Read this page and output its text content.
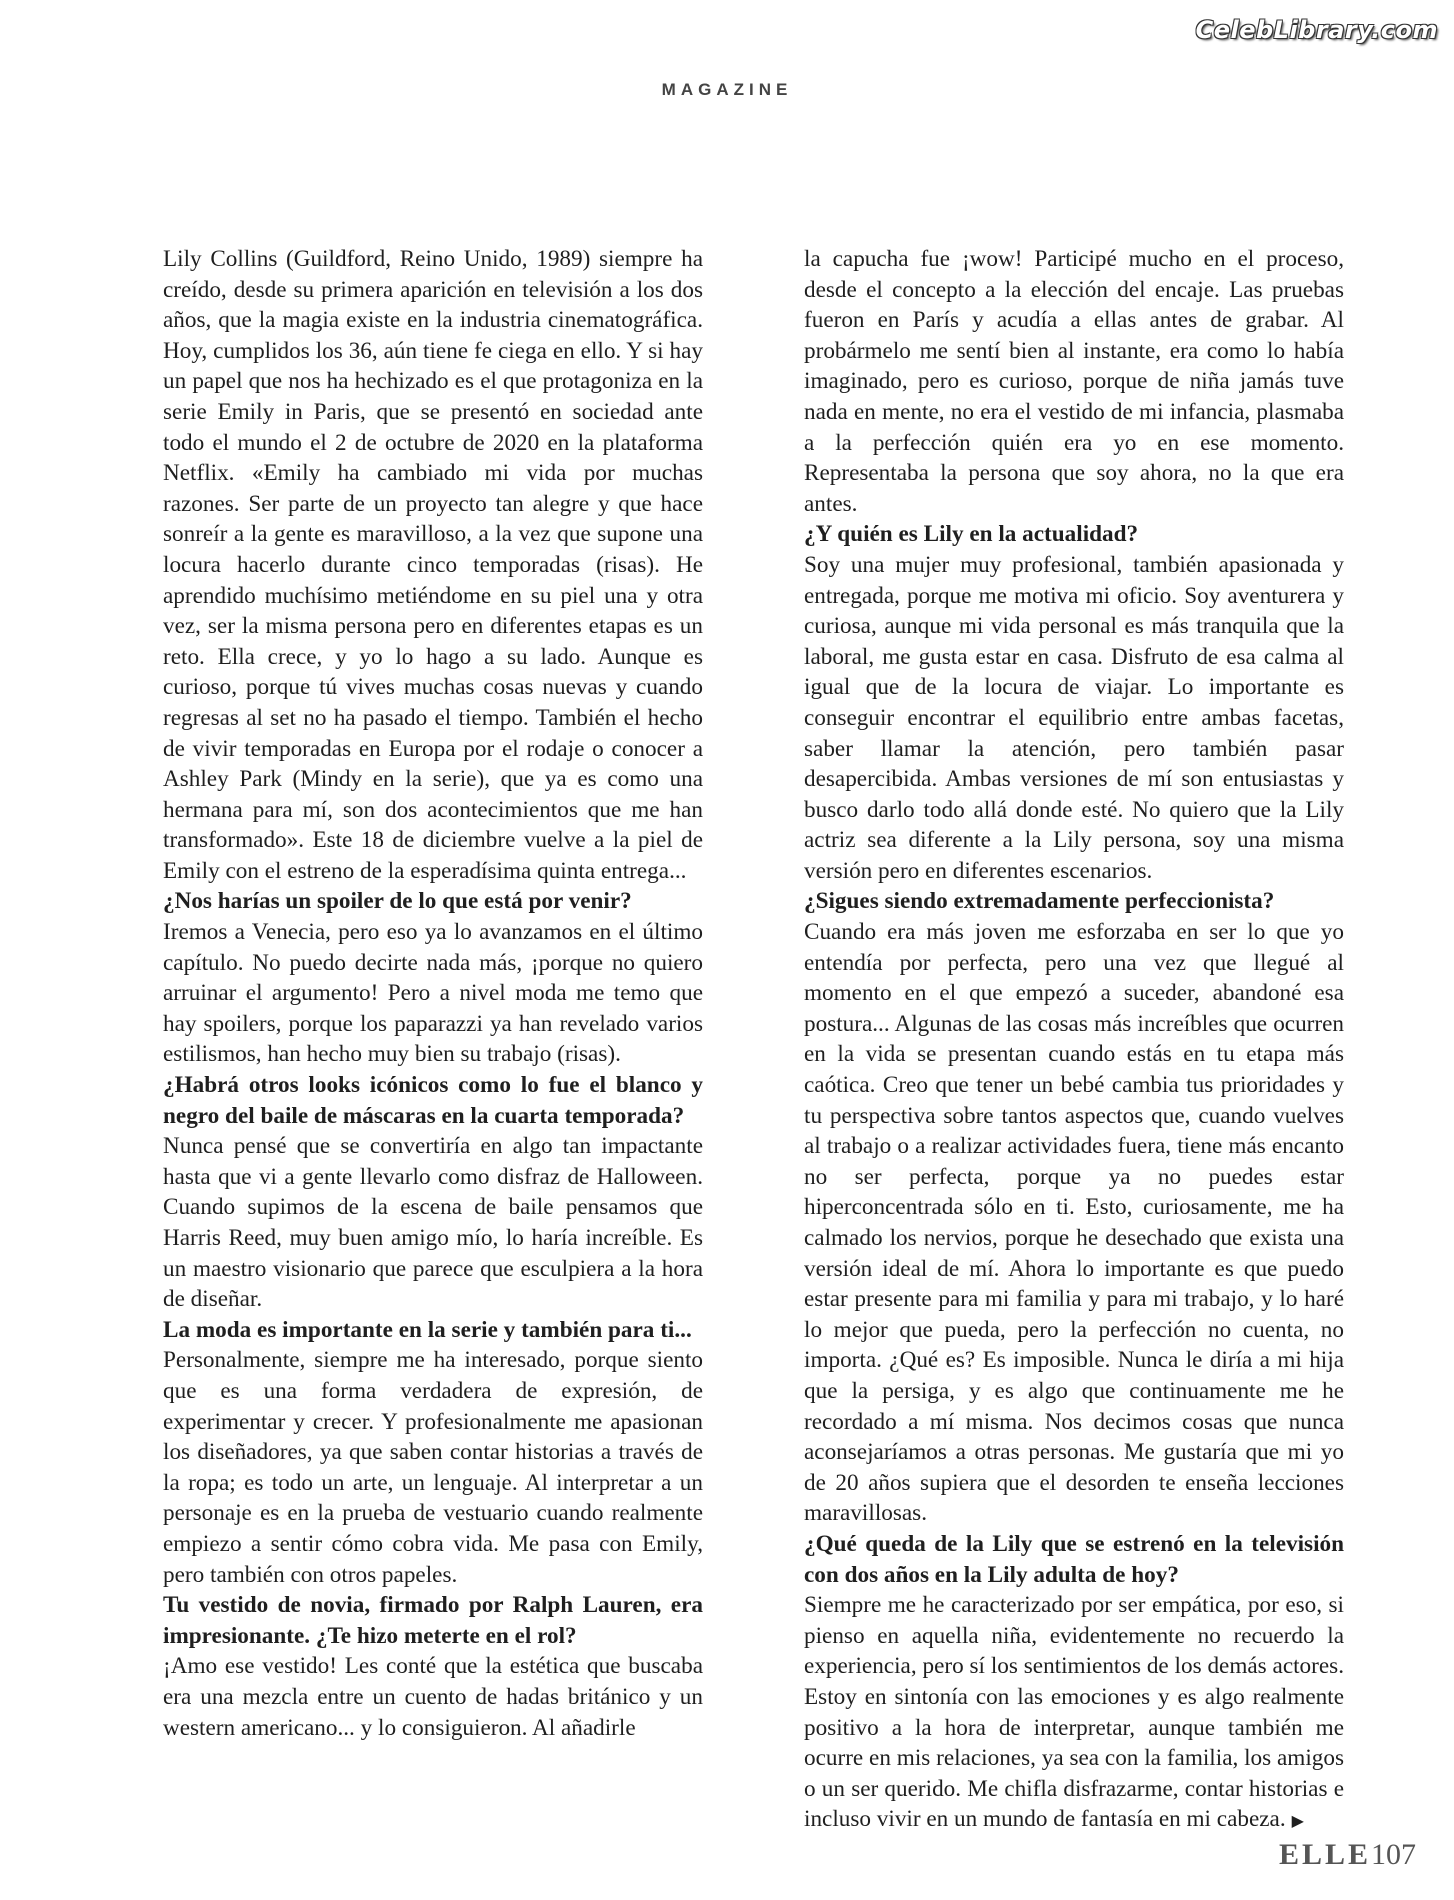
CelebLibrary.com
MAGAZINE

Lily Collins (Guildford, Reino Unido, 1989) siempre ha creído, desde su primera aparición en televisión a los dos años, que la magia existe en la industria cinematográfica. Hoy, cumplidos los 36, aún tiene fe ciega en ello. Y si hay un papel que nos ha hechizado es el que protagoniza en la serie Emily in Paris, que se presentó en sociedad ante todo el mundo el 2 de octubre de 2020 en la plataforma Netflix. «Emily ha cambiado mi vida por muchas razones. Ser parte de un proyecto tan alegre y que hace sonreír a la gente es maravilloso, a la vez que supone una locura hacerlo durante cinco temporadas (risas). He aprendido muchísimo metiéndome en su piel una y otra vez, ser la misma persona pero en diferentes etapas es un reto. Ella crece, y yo lo hago a su lado. Aunque es curioso, porque tú vives muchas cosas nuevas y cuando regresas al set no ha pasado el tiempo. También el hecho de vivir temporadas en Europa por el rodaje o conocer a Ashley Park (Mindy en la serie), que ya es como una hermana para mí, son dos acontecimientos que me han transformado». Este 18 de diciembre vuelve a la piel de Emily con el estreno de la esperadísima quinta entrega...

¿Nos harías un spoiler de lo que está por venir?

Iremos a Venecia, pero eso ya lo avanzamos en el último capítulo. No puedo decirte nada más, ¡porque no quiero arruinar el argumento! Pero a nivel moda me temo que hay spoilers, porque los paparazzi ya han revelado varios estilismos, han hecho muy bien su trabajo (risas).

¿Habrá otros looks icónicos como lo fue el blanco y negro del baile de máscaras en la cuarta temporada?

Nunca pensé que se convertiría en algo tan impactante hasta que vi a gente llevarlo como disfraz de Halloween. Cuando supimos de la escena de baile pensamos que Harris Reed, muy buen amigo mío, lo haría increíble. Es un maestro visionario que parece que esculpiera a la hora de diseñar.

La moda es importante en la serie y también para ti...

Personalmente, siempre me ha interesado, porque siento que es una forma verdadera de expresión, de experimentar y crecer. Y profesionalmente me apasionan los diseñadores, ya que saben contar historias a través de la ropa; es todo un arte, un lenguaje. Al interpretar a un personaje es en la prueba de vestuario cuando realmente empiezo a sentir cómo cobra vida. Me pasa con Emily, pero también con otros papeles.

Tu vestido de novia, firmado por Ralph Lauren, era impresionante. ¿Te hizo meterte en el rol?

¡Amo ese vestido! Les conté que la estética que buscaba era una mezcla entre un cuento de hadas británico y un western americano... y lo consiguieron. Al añadirle

la capucha fue ¡wow! Participé mucho en el proceso, desde el concepto a la elección del encaje. Las pruebas fueron en París y acudía a ellas antes de grabar. Al probármelo me sentí bien al instante, era como lo había imaginado, pero es curioso, porque de niña jamás tuve nada en mente, no era el vestido de mi infancia, plasmaba a la perfección quién era yo en ese momento. Representaba la persona que soy ahora, no la que era antes.

¿Y quién es Lily en la actualidad?

Soy una mujer muy profesional, también apasionada y entregada, porque me motiva mi oficio. Soy aventurera y curiosa, aunque mi vida personal es más tranquila que la laboral, me gusta estar en casa. Disfruto de esa calma al igual que de la locura de viajar. Lo importante es conseguir encontrar el equilibrio entre ambas facetas, saber llamar la atención, pero también pasar desapercibida. Ambas versiones de mí son entusiastas y busco darlo todo allá donde esté. No quiero que la Lily actriz sea diferente a la Lily persona, soy una misma versión pero en diferentes escenarios.

¿Sigues siendo extremadamente perfeccionista?

Cuando era más joven me esforzaba en ser lo que yo entendía por perfecta, pero una vez que llegué al momento en el que empezó a suceder, abandoné esa postura... Algunas de las cosas más increíbles que ocurren en la vida se presentan cuando estás en tu etapa más caótica. Creo que tener un bebé cambia tus prioridades y tu perspectiva sobre tantos aspectos que, cuando vuelves al trabajo o a realizar actividades fuera, tiene más encanto no ser perfecta, porque ya no puedes estar hiperconcentrada sólo en ti. Esto, curiosamente, me ha calmado los nervios, porque he desechado que exista una versión ideal de mí. Ahora lo importante es que puedo estar presente para mi familia y para mi trabajo, y lo haré lo mejor que pueda, pero la perfección no cuenta, no importa. ¿Qué es? Es imposible. Nunca le diría a mi hija que la persiga, y es algo que continuamente me he recordado a mí misma. Nos decimos cosas que nunca aconsejaríamos a otras personas. Me gustaría que mi yo de 20 años supiera que el desorden te enseña lecciones maravillosas.

¿Qué queda de la Lily que se estrenó en la televisión con dos años en la Lily adulta de hoy?

Siempre me he caracterizado por ser empática, por eso, si pienso en aquella niña, evidentemente no recuerdo la experiencia, pero sí los sentimientos de los demás actores. Estoy en sintonía con las emociones y es algo realmente positivo a la hora de interpretar, aunque también me ocurre en mis relaciones, ya sea con la familia, los amigos o un ser querido. Me chifla disfrazarme, contar historias e incluso vivir en un mundo de fantasía en mi cabeza. ▶

ELLE107
